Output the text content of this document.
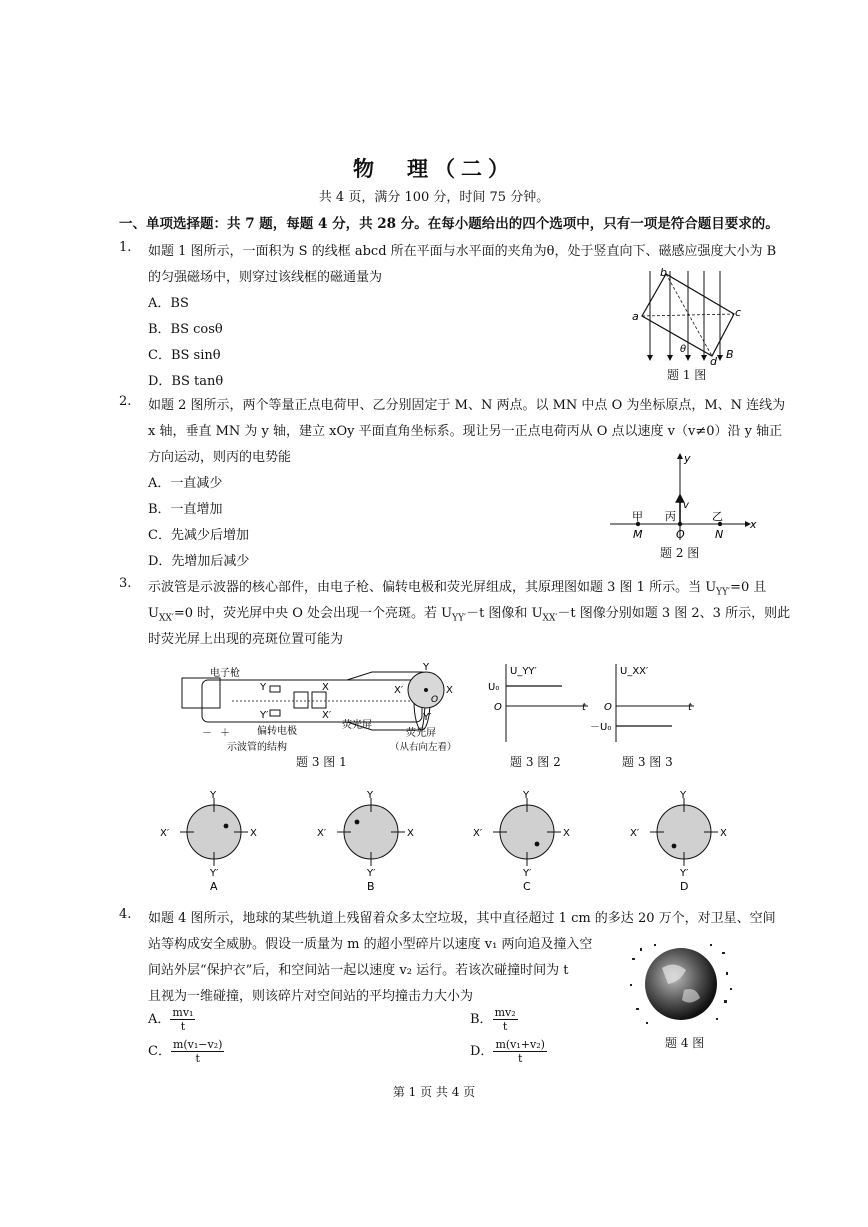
物　理（二）
共 4 页，满分 100 分，时间 75 分钟。
一、单项选择题：共 7 题，每题 4 分，共 28 分。在每小题给出的四个选项中，只有一项是符合题目要求的。
1. 如题 1 图所示，一面积为 S 的线框 abcd 所在平面与水平面的夹角为θ，处于竖直向下、磁感应强度大小为 B
的匀强磁场中，则穿过该线框的磁通量为
A．BS
B．BS cosθ
C．BS sinθ
D．BS tanθ
a
b
c
d
θ	B
题 1 图
2. 如题 2 图所示，两个等量正点电荷甲、乙分别固定于 M、N 两点。以 MN 中点 O 为坐标原点，M、N 连线为
x 轴，垂直 MN 为 y 轴，建立 xOy 平面直角坐标系。现让另一正点电荷丙从 O 点以速度 v（v≠0）沿 y 轴正
方向运动，则丙的电势能
A．一直减少
B．一直增加
C．先减少后增加
D．先增加后减少
y
x
v
甲 丙	乙
M	O	N
题 2 图
3. 示波管是示波器的核心部件，由电子枪、偏转电极和荧光屏组成，其原理图如题 3 图 1 所示。当 $U_{YY'}=0$ 且
$U_{XX'}=0$ 时，荧光屏中央 O 处会出现一个亮斑。若 $U_{YY'}-t$ 图像和 $U_{XX'}-t$ 图像分别如题 3 图 2、3 所示，则此
时荧光屏上出现的亮斑位置可能为
电子枪
偏转电极
荧光屏
示波管的结构
－ ＋
Y
Y′
X
X′
Y
Y′
X
X′
O
荧光屏
（从右向左看）
题 3 图 1
U_YY′
U₀
O	t
题 3 图 2
U_XX′
－U₀
O	t
题 3 图 3
Y
Y′
X
X′
A
Y
Y′
X
X′
B
Y
Y′
X
X′
C
Y
Y′
X
X′
D
4. 如题 4 图所示，地球的某些轨道上残留着众多太空垃圾，其中直径超过 1 cm 的多达 20 万个，对卫星、空间
站等构成安全威胁。假设一质量为 m 的超小型碎片以速度 v₁ 两向追及撞入空
间站外层“保护衣”后，和空间站一起以速度 v₂ 运行。若该次碰撞时间为 t
且视为一维碰撞，则该碎片对空间站的平均撞击力大小为
A． $\frac{\text{mv₁}}{t}$	B． $\frac{\text{mv₂}}{t}$
C． $\frac{\text{m(v₁−v₂)}}{t}$	D． $\frac{\text{m(v₁+v₂)}}{t}$	题 4 图
第 1 页 共 4 页
